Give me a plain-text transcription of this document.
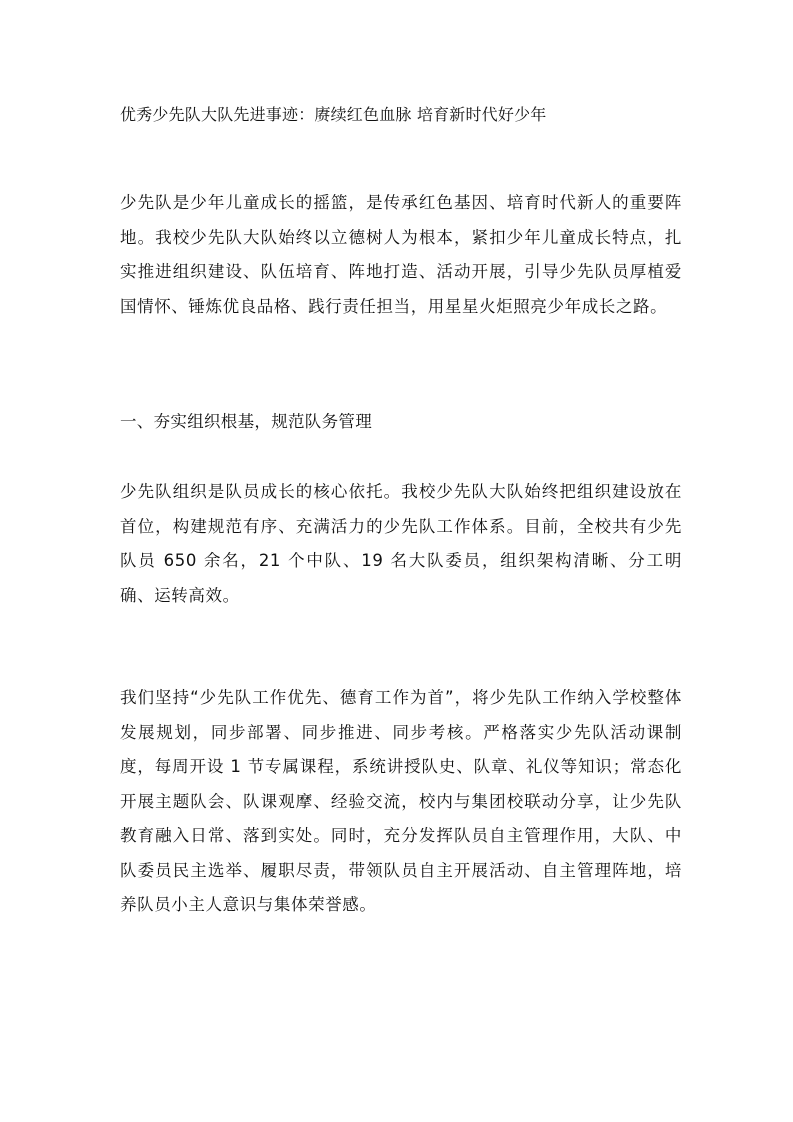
优秀少先队大队先进事迹：赓续红色血脉 培育新时代好少年

少先队是少年儿童成长的摇篮，是传承红色基因、培育时代新人的重要阵地。我校少先队大队始终以立德树人为根本，紧扣少年儿童成长特点，扎实推进组织建设、队伍培育、阵地打造、活动开展，引导少先队员厚植爱国情怀、锤炼优良品格、践行责任担当，用星星火炬照亮少年成长之路。

一、夯实组织根基，规范队务管理

少先队组织是队员成长的核心依托。我校少先队大队始终把组织建设放在首位，构建规范有序、充满活力的少先队工作体系。目前，全校共有少先队员 650 余名，21 个中队、19 名大队委员，组织架构清晰、分工明确、运转高效。

我们坚持“少先队工作优先、德育工作为首”，将少先队工作纳入学校整体发展规划，同步部署、同步推进、同步考核。严格落实少先队活动课制度，每周开设 1 节专属课程，系统讲授队史、队章、礼仪等知识；常态化开展主题队会、队课观摩、经验交流，校内与集团校联动分享，让少先队教育融入日常、落到实处。同时，充分发挥队员自主管理作用，大队、中队委员民主选举、履职尽责，带领队员自主开展活动、自主管理阵地，培养队员小主人意识与集体荣誉感。
